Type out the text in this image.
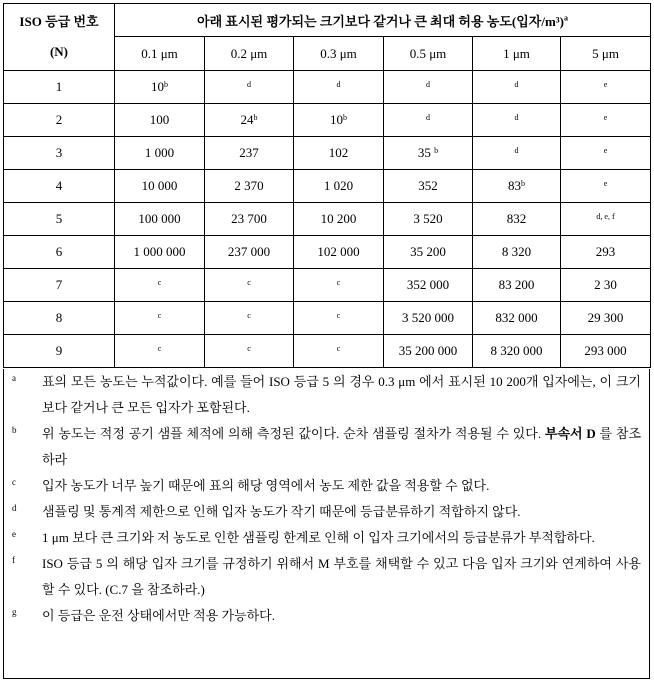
ISO 등급 번호
(N)	아래 표시된 평가되는 크기보다 같거나 큰 최대 허용 농도(입자/m³)$^a$
	0.1 μm	0.2 μm	0.3 μm	0.5 μm	1 μm	5 μm
1	10$^b$	$^d$	$^d$	$^d$	$^d$	$^e$
2	100	24$^b$	10$^b$	$^d$	$^d$	$^e$
3	1 000	237	102	35 $^b$	$^d$	$^e$
4	10 000	2 370	1 020	352	83$^b$	$^e$
5	100 000	23 700	10 200	3 520	832	$^{d, e, f}$
6	1 000 000	237 000	102 000	35 200	8 320	293
7	$^c$	$^c$	$^c$	352 000	83 200	2 30
8	$^c$	$^c$	$^c$	3 520 000	832 000	29 300
9	$^c$	$^c$	$^c$	35 200 000	8 320 000	293 000
a 표의 모든 농도는 누적값이다. 예를 들어 ISO 등급 5 의 경우 0.3 μm 에서 표시된 10 200개 입자에는, 이 크기보다 같거나 큰 모든 입자가 포함된다.
b 위 농도는 적정 공기 샘플 체적에 의해 측정된 값이다. 순차 샘플링 절차가 적용될 수 있다. 부속서 D 를 참조하라
c 입자 농도가 너무 높기 때문에 표의 해당 영역에서 농도 제한 값을 적용할 수 없다.
d 샘플링 및 통계적 제한으로 인해 입자 농도가 작기 때문에 등급분류하기 적합하지 않다.
e 1 μm 보다 큰 크기와 저 농도로 인한 샘플링 한계로 인해 이 입자 크기에서의 등급분류가 부적합하다.
f ISO 등급 5 의 해당 입자 크기를 규정하기 위해서 M 부호를 채택할 수 있고 다음 입자 크기와 연계하여 사용할 수 있다. (C.7 을 참조하라.)
g 이 등급은 운전 상태에서만 적용 가능하다.
